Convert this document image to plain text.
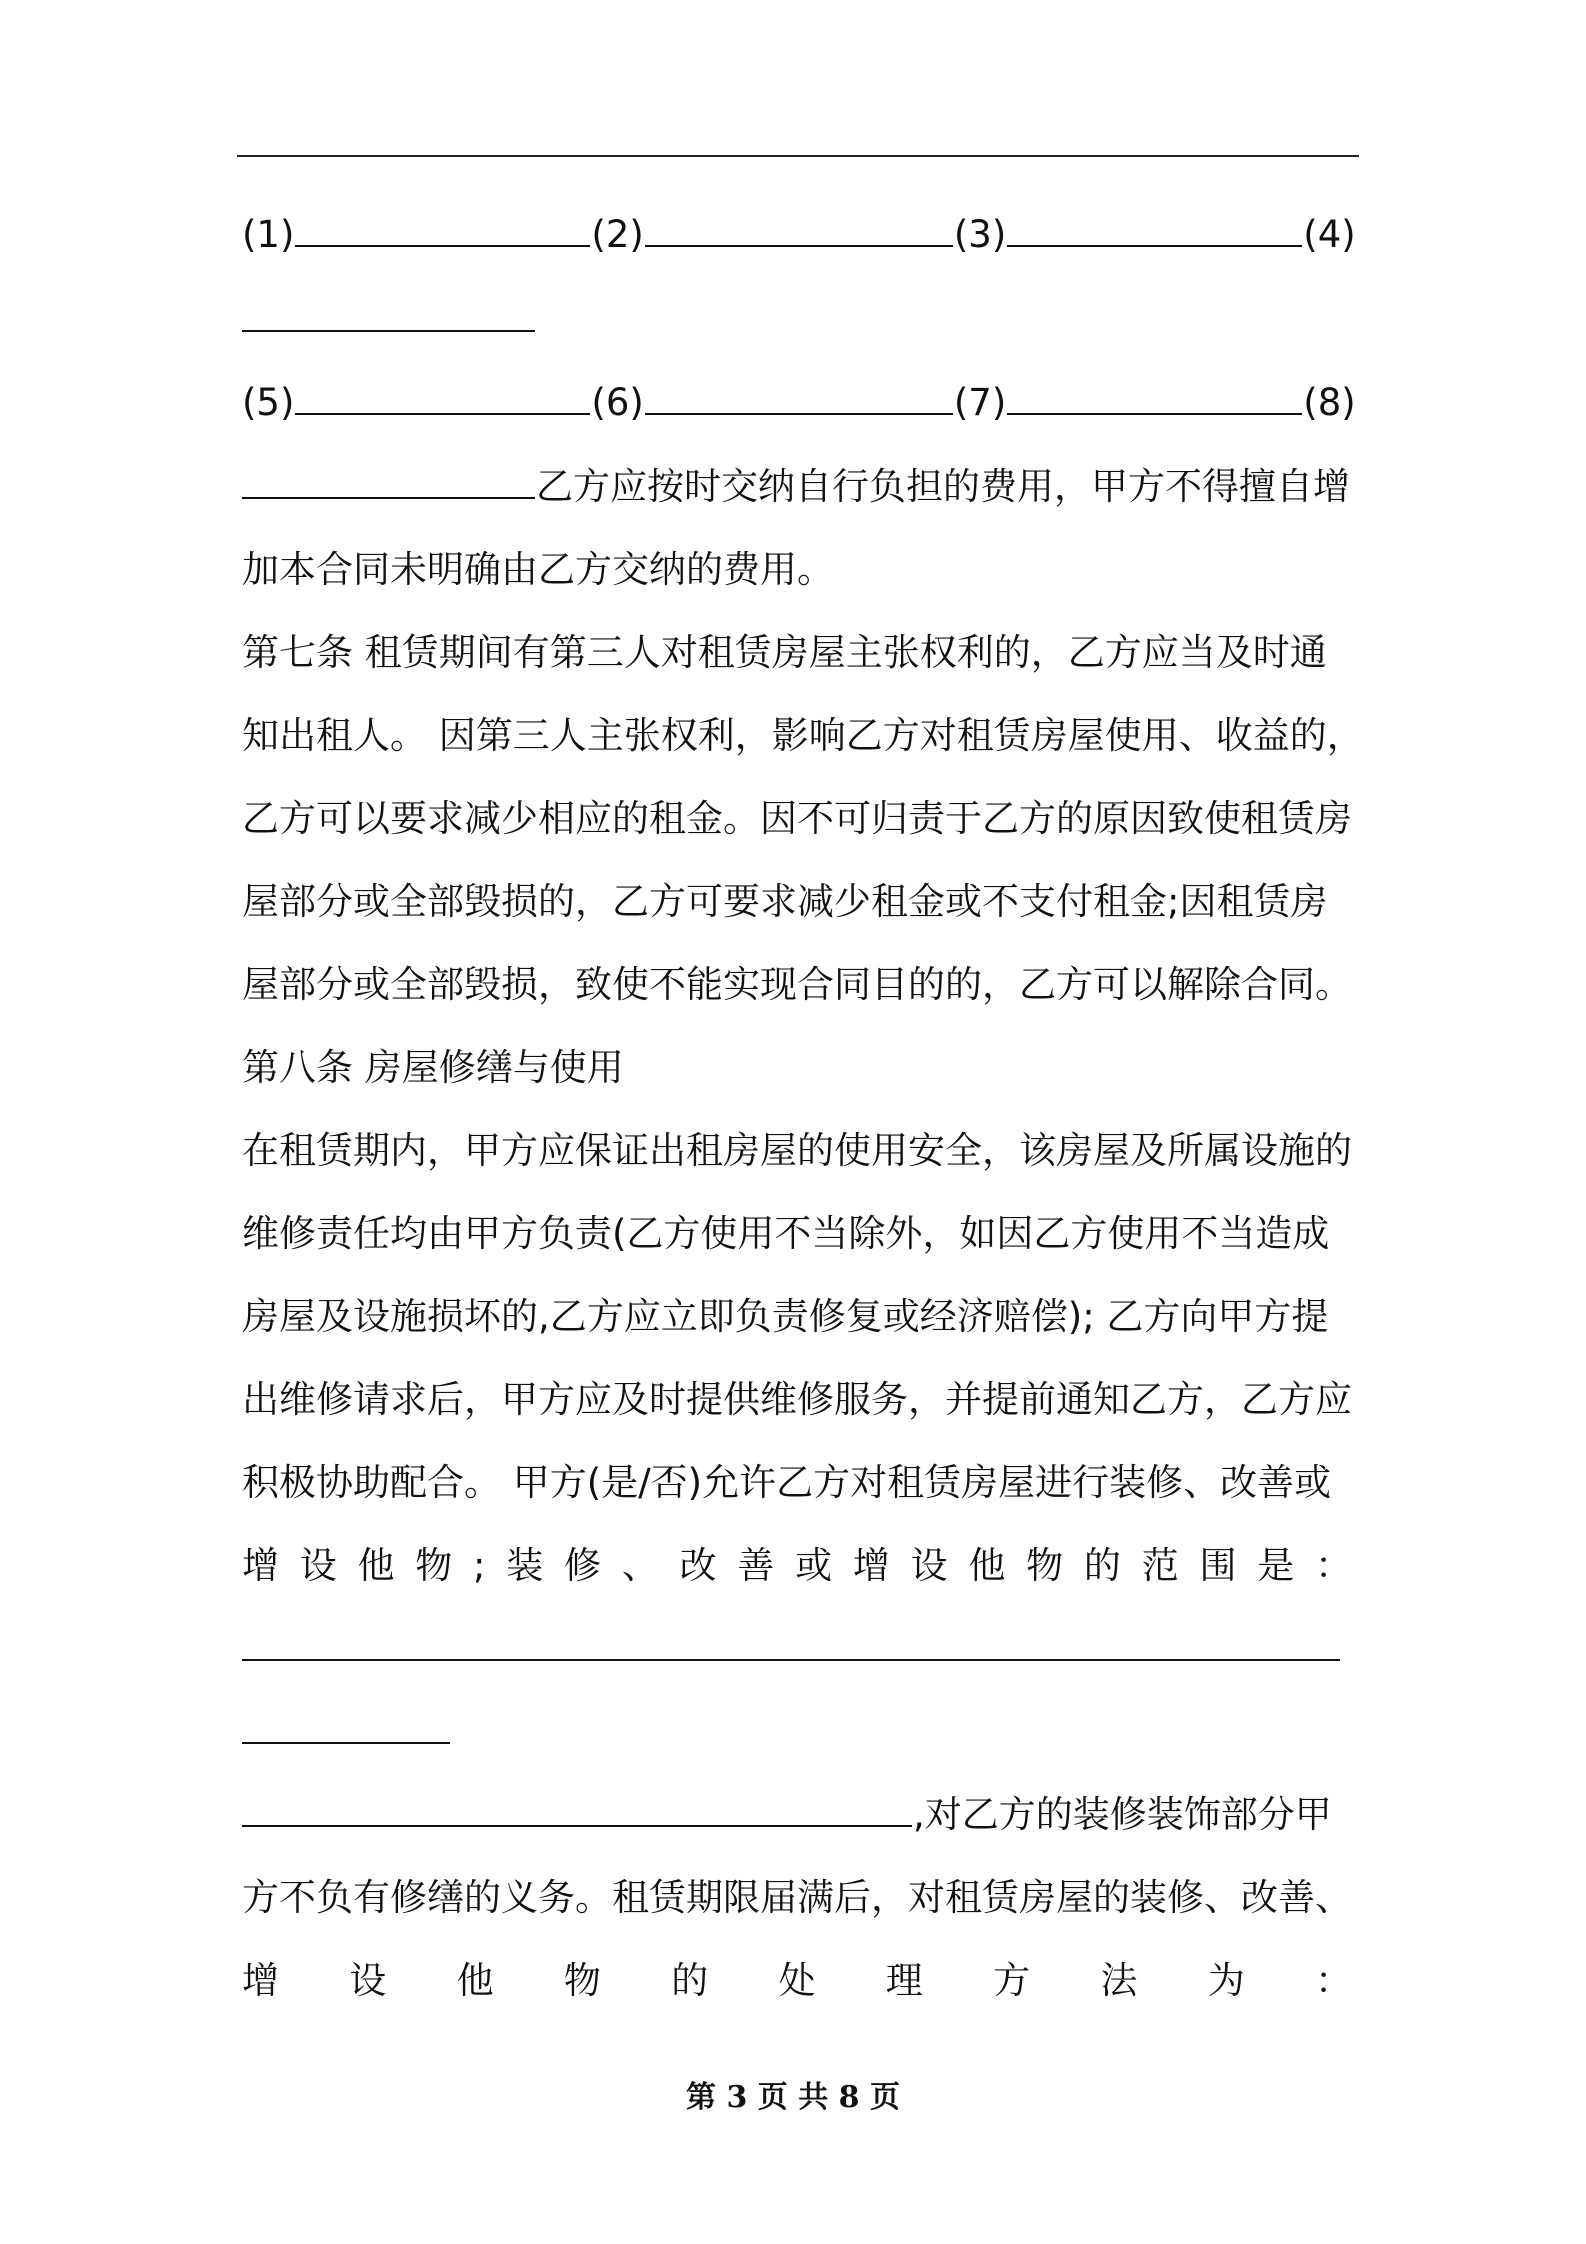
(1)	(2)	(3)	(4)
(5)	(6)	(7)	(8)
乙方应按时交纳自行负担的费用，甲方不得擅自增
加本合同未明确由乙方交纳的费用。
第七条 租赁期间有第三人对租赁房屋主张权利的，乙方应当及时通
知出租人。 因第三人主张权利，影响乙方对租赁房屋使用、收益的，
乙方可以要求减少相应的租金。因不可归责于乙方的原因致使租赁房
屋部分或全部毁损的，乙方可要求减少租金或不支付租金;因租赁房
屋部分或全部毁损，致使不能实现合同目的的，乙方可以解除合同。
第八条 房屋修缮与使用
在租赁期内，甲方应保证出租房屋的使用安全，该房屋及所属设施的
维修责任均由甲方负责(乙方使用不当除外，如因乙方使用不当造成
房屋及设施损坏的,乙方应立即负责修复或经济赔偿); 乙方向甲方提
出维修请求后，甲方应及时提供维修服务，并提前通知乙方，乙方应
积极协助配合。 甲方(是/否)允许乙方对租赁房屋进行装修、改善或
增设他物;装修、改善或增设他物的范围是：
,对乙方的装修装饰部分甲
方不负有修缮的义务。租赁期限届满后，对租赁房屋的装修、改善、
增设他物的处理方法为：
第 3 页 共 8 页
